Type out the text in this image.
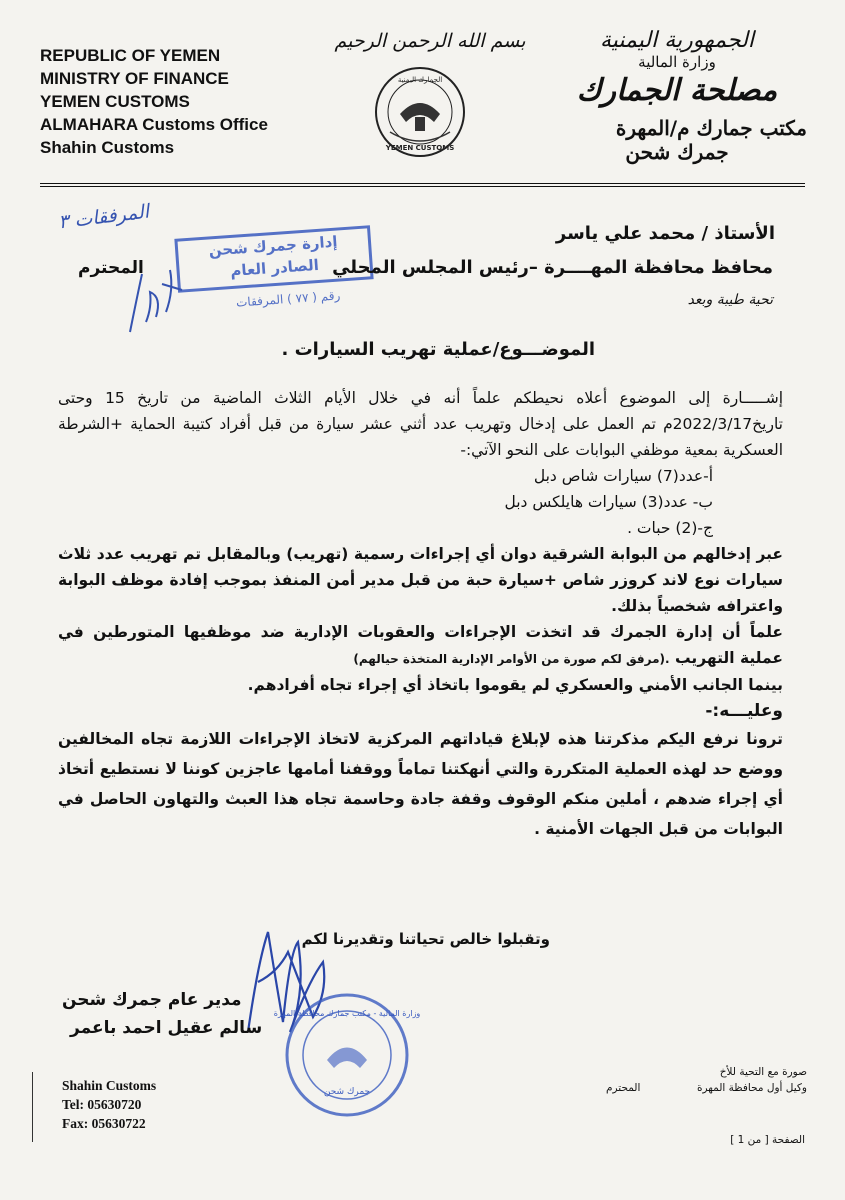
REPUBLIC OF YEMEN
MINISTRY OF FINANCE
YEMEN CUSTOMS
ALMAHARA Customs Office
Shahin Customs
بسم الله الرحمن الرحيم
الجمارك اليمنية
YEMEN CUSTOMS
الجمهورية اليمنية
وزارة المالية
مصلحة الجمارك
مكتب جمارك م/المهرة
جمرك شحن
المرفقات ٣
إدارة جمرك شحن
الصادر العام
رقم ( ٧٧ ) المرفقات
الأستاذ / محمد علي ياسر
محافظ محافظة المهــــرة –رئيس المجلس المحلي
المحترم
تحية طيبة وبعد
الموضـــوع/عملية تهريب السيارات .

إشـــــارة إلى الموضوع أعلاه نحيطكم علماً أنه في خلال الأيام الثلاث الماضية من تاريخ 15 وحتى تاريخ2022/3/17م تم العمل على إدخال وتهريب عدد أثني عشر سيارة من قبل أفراد كتيبة الحماية +الشرطة العسكرية بمعية موظفي البوابات على النحو الآتي:-

أ-عدد(7) سيارات شاص دبل

ب- عدد(3) سيارات هايلكس دبل

ج-(2) حبات .

عبر إدخالهم من البوابة الشرقية دوان أي إجراءات رسمية (تهريب) وبالمقابل تم تهريب عدد ثلاث سيارات نوع لاند كروزر شاص +سيارة حبة من قبل مدير أمن المنفذ بموجب إفادة موظف البوابة واعترافه شخصياً بذلك.

علماً أن إدارة الجمرك قد اتخذت الإجراءات والعقوبات الإدارية ضد موظفيها المتورطين في عملية التهريب .(مرفق لكم صورة من الأوامر الإدارية المتخذة حيالهم)

بينما الجانب الأمني والعسكري لم يقوموا باتخاذ أي إجراء تجاه أفرادهم.

وعليـــه:-

ترونا نرفع اليكم مذكرتنا هذه لإبلاغ قياداتهم المركزية لاتخاذ الإجراءات اللازمة تجاه المخالفين ووضع حد لهذه العملية المتكررة والتي أنهكتنا تماماً ووقفنا أمامها عاجزين كوننا لا نستطيع أتخاذ أي إجراء ضدهم ، أملين منكم الوقوف وقفة جادة وحاسمة تجاه هذا العبث والتهاون الحاصل في البوابات من قبل الجهات الأمنية .

وتقبلوا خالص تحياتنا وتقديرنا لكم
مدير عام جمرك شحن
سالم عقيل احمد باعمر
وزارة المالية - مكتب جمارك محافظة المهرة
جمرك شحن
Shahin Customs
Tel: 05630720
Fax: 05630722
صورة مع التحية للأخ
وكيل أول محافظة المهرة
المحترم
الصفحة [ من 1 ]
